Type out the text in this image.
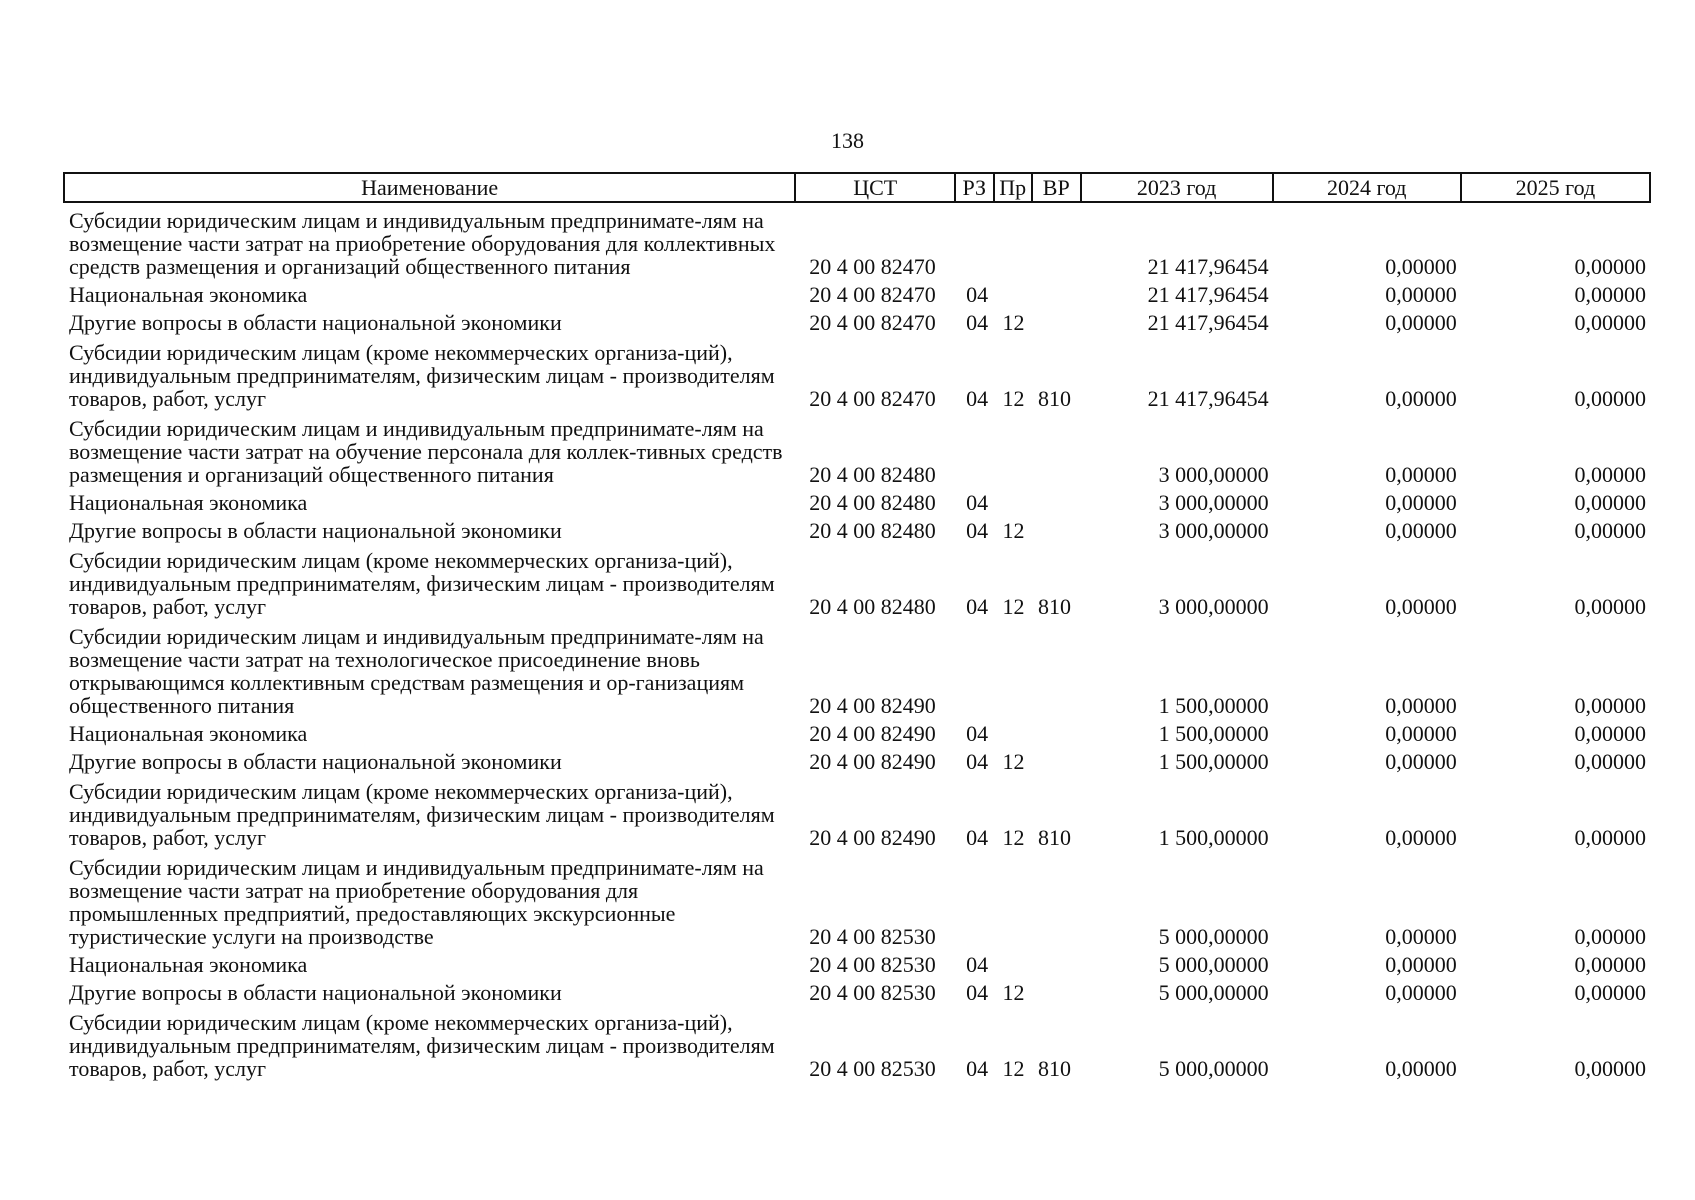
138
Наименование	ЦСТ	РЗ	Пр	ВР	2023 год	2024 год	2025 год
Субсидии юридическим лицам и индивидуальным предпринимате-лям на возмещение части затрат на приобретение оборудования для коллективных средств размещения и организаций общественного питания	20 4 00 82470				21 417,96454	0,00000	0,00000
Национальная экономика	20 4 00 82470	04			21 417,96454	0,00000	0,00000
Другие вопросы в области национальной экономики	20 4 00 82470	04	12		21 417,96454	0,00000	0,00000
Субсидии юридическим лицам (кроме некоммерческих организа-ций), индивидуальным предпринимателям, физическим лицам - производителям товаров, работ, услуг	20 4 00 82470	04	12	810	21 417,96454	0,00000	0,00000
Субсидии юридическим лицам и индивидуальным предпринимате-лям на возмещение части затрат на обучение персонала для коллек-тивных средств размещения и организаций общественного питания	20 4 00 82480				3 000,00000	0,00000	0,00000
Национальная экономика	20 4 00 82480	04			3 000,00000	0,00000	0,00000
Другие вопросы в области национальной экономики	20 4 00 82480	04	12		3 000,00000	0,00000	0,00000
Субсидии юридическим лицам (кроме некоммерческих организа-ций), индивидуальным предпринимателям, физическим лицам - производителям товаров, работ, услуг	20 4 00 82480	04	12	810	3 000,00000	0,00000	0,00000
Субсидии юридическим лицам и индивидуальным предпринимате-лям на возмещение части затрат на технологическое присоединение вновь открывающимся коллективным средствам размещения и ор-ганизациям общественного питания	20 4 00 82490				1 500,00000	0,00000	0,00000
Национальная экономика	20 4 00 82490	04			1 500,00000	0,00000	0,00000
Другие вопросы в области национальной экономики	20 4 00 82490	04	12		1 500,00000	0,00000	0,00000
Субсидии юридическим лицам (кроме некоммерческих организа-ций), индивидуальным предпринимателям, физическим лицам - производителям товаров, работ, услуг	20 4 00 82490	04	12	810	1 500,00000	0,00000	0,00000
Субсидии юридическим лицам и индивидуальным предпринимате-лям на возмещение части затрат на приобретение оборудования для промышленных предприятий, предоставляющих экскурсионные туристические услуги на производстве	20 4 00 82530				5 000,00000	0,00000	0,00000
Национальная экономика	20 4 00 82530	04			5 000,00000	0,00000	0,00000
Другие вопросы в области национальной экономики	20 4 00 82530	04	12		5 000,00000	0,00000	0,00000
Субсидии юридическим лицам (кроме некоммерческих организа-ций), индивидуальным предпринимателям, физическим лицам - производителям товаров, работ, услуг	20 4 00 82530	04	12	810	5 000,00000	0,00000	0,00000
